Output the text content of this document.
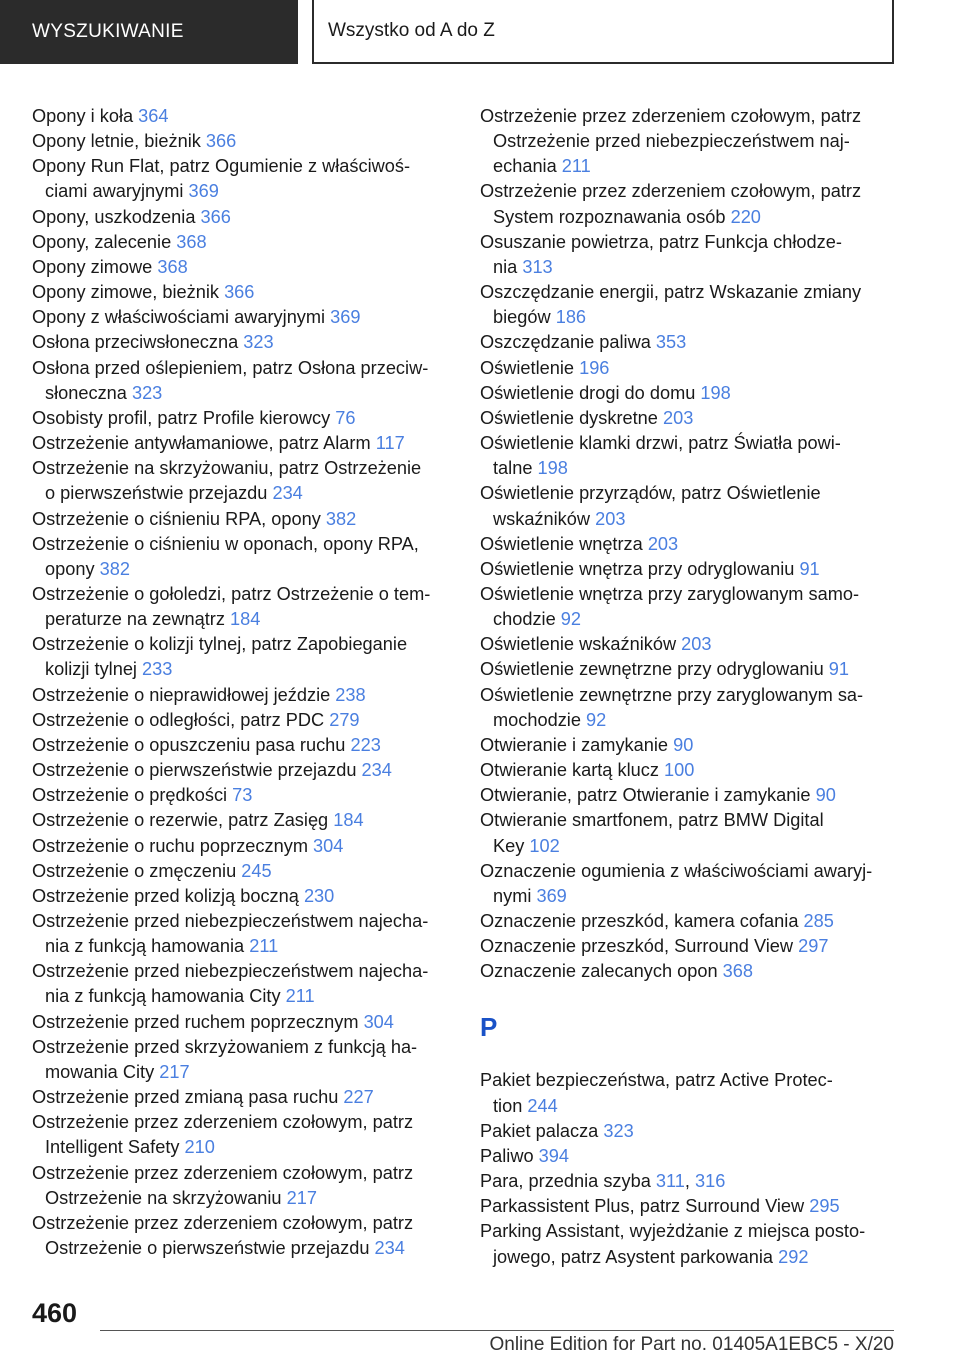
WYSZUKIWANIE	Wszystko od A do Z
Opony i koła 364
Opony letnie, bieżnik 366
Opony Run Flat, patrz Ogumienie z właściwoś-
ciami awaryjnymi 369
Opony, uszkodzenia 366
Opony, zalecenie 368
Opony zimowe 368
Opony zimowe, bieżnik 366
Opony z właściwościami awaryjnymi 369
Osłona przeciwsłoneczna 323
Osłona przed oślepieniem, patrz Osłona przeciw-
słoneczna 323
Osobisty profil, patrz Profile kierowcy 76
Ostrzeżenie antywłamaniowe, patrz Alarm 117
Ostrzeżenie na skrzyżowaniu, patrz Ostrzeżenie
o pierwszeństwie przejazdu 234
Ostrzeżenie o ciśnieniu RPA, opony 382
Ostrzeżenie o ciśnieniu w oponach, opony RPA,
opony 382
Ostrzeżenie o gołoledzi, patrz Ostrzeżenie o tem-
peraturze na zewnątrz 184
Ostrzeżenie o kolizji tylnej, patrz Zapobieganie
kolizji tylnej 233
Ostrzeżenie o nieprawidłowej jeździe 238
Ostrzeżenie o odległości, patrz PDC 279
Ostrzeżenie o opuszczeniu pasa ruchu 223
Ostrzeżenie o pierwszeństwie przejazdu 234
Ostrzeżenie o prędkości 73
Ostrzeżenie o rezerwie, patrz Zasięg 184
Ostrzeżenie o ruchu poprzecznym 304
Ostrzeżenie o zmęczeniu 245
Ostrzeżenie przed kolizją boczną 230
Ostrzeżenie przed niebezpieczeństwem najecha-
nia z funkcją hamowania 211
Ostrzeżenie przed niebezpieczeństwem najecha-
nia z funkcją hamowania City 211
Ostrzeżenie przed ruchem poprzecznym 304
Ostrzeżenie przed skrzyżowaniem z funkcją ha-
mowania City 217
Ostrzeżenie przed zmianą pasa ruchu 227
Ostrzeżenie przez zderzeniem czołowym, patrz
Intelligent Safety 210
Ostrzeżenie przez zderzeniem czołowym, patrz
Ostrzeżenie na skrzyżowaniu 217
Ostrzeżenie przez zderzeniem czołowym, patrz
Ostrzeżenie o pierwszeństwie przejazdu 234
Ostrzeżenie przez zderzeniem czołowym, patrz
Ostrzeżenie przed niebezpieczeństwem naj-
echania 211
Ostrzeżenie przez zderzeniem czołowym, patrz
System rozpoznawania osób 220
Osuszanie powietrza, patrz Funkcja chłodze-
nia 313
Oszczędzanie energii, patrz Wskazanie zmiany
biegów 186
Oszczędzanie paliwa 353
Oświetlenie 196
Oświetlenie drogi do domu 198
Oświetlenie dyskretne 203
Oświetlenie klamki drzwi, patrz Światła powi-
talne 198
Oświetlenie przyrządów, patrz Oświetlenie
wskaźników 203
Oświetlenie wnętrza 203
Oświetlenie wnętrza przy odryglowaniu 91
Oświetlenie wnętrza przy zaryglowanym samo-
chodzie 92
Oświetlenie wskaźników 203
Oświetlenie zewnętrzne przy odryglowaniu 91
Oświetlenie zewnętrzne przy zaryglowanym sa-
mochodzie 92
Otwieranie i zamykanie 90
Otwieranie kartą klucz 100
Otwieranie, patrz Otwieranie i zamykanie 90
Otwieranie smartfonem, patrz BMW Digital
Key 102
Oznaczenie ogumienia z właściwościami awaryj-
nymi 369
Oznaczenie przeszkód, kamera cofania 285
Oznaczenie przeszkód, Surround View 297
Oznaczenie zalecanych opon 368
P
Pakiet bezpieczeństwa, patrz Active Protec-
tion 244
Pakiet palacza 323
Paliwo 394
Para, przednia szyba 311, 316
Parkassistent Plus, patrz Surround View 295
Parking Assistant, wyjeżdżanie z miejsca posto-
jowego, patrz Asystent parkowania 292
460
Online Edition for Part no. 01405A1EBC5 - X/20
